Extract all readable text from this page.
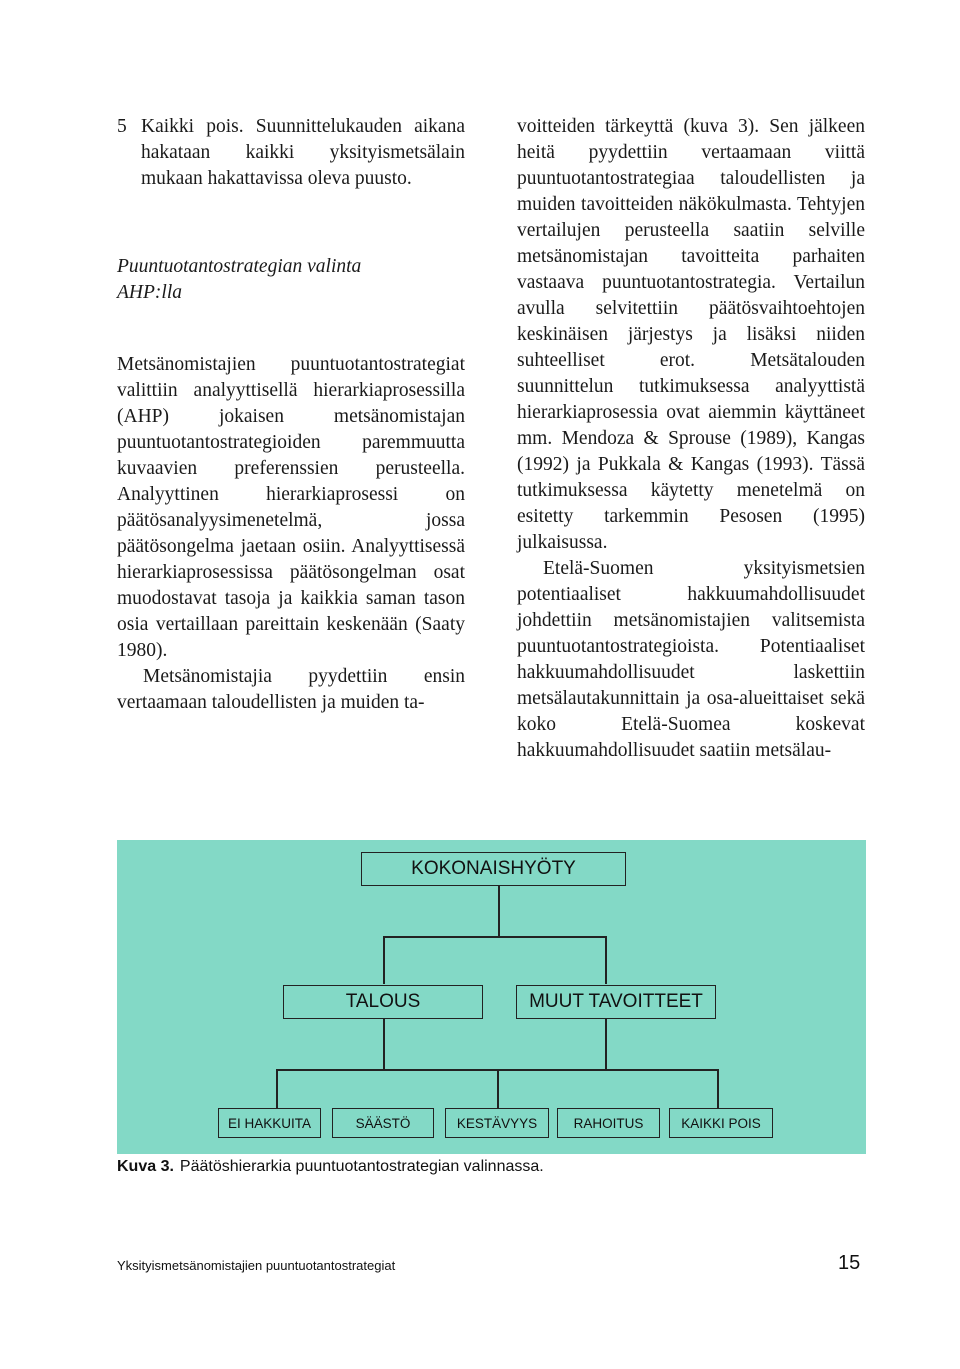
5 Kaikki pois. Suunnittelukauden aikana hakataan kaikki yksityismetsälain mukaan hakattavissa oleva puusto.

Puuntuotantostrategian valinta AHP:lla

Metsänomistajien puuntuotantostrategiat valittiin analyyttisellä hierarkiaprosessilla (AHP) jokaisen metsänomistajan puuntuotantostrategioiden paremmuutta kuvaavien preferenssien perusteella. Analyyttinen hierarkiaprosessi on päätösanalyysimenetelmä, jossa päätösongelma jaetaan osiin. Analyyttisessä hierarkiaprosessissa päätösongelman osat muodostavat tasoja ja kaikkia saman tason osia vertaillaan pareittain keskenään (Saaty 1980).

Metsänomistajia pyydettiin ensin vertaamaan taloudellisten ja muiden ta-

voitteiden tärkeyttä (kuva 3). Sen jälkeen heitä pyydettiin vertaamaan viittä puuntuotantostrategiaa taloudellisten ja muiden tavoitteiden näkökulmasta. Tehtyjen vertailujen perusteella saatiin selville metsänomistajan tavoitteita parhaiten vastaava puuntuotantostrategia. Vertailun avulla selvitettiin päätösvaihtoehtojen keskinäisen järjestys ja lisäksi niiden suhteelliset erot. Metsätalouden suunnittelun tutkimuksessa analyyttistä hierarkiaprosessia ovat aiemmin käyttäneet mm. Mendoza & Sprouse (1989), Kangas (1992) ja Pukkala & Kangas (1993). Tässä tutkimuksessa käytetty menetelmä on esitetty tarkemmin Pesosen (1995) julkaisussa.

Etelä-Suomen yksityismetsien potentiaaliset hakkuumahdollisuudet johdettiin metsänomistajien valitsemista puuntuotantostrategioista. Potentiaaliset hakkuumahdollisuudet laskettiin metsälautakunnittain ja osa-alueittaiset sekä koko Etelä-Suomea koskevat hakkuumahdollisuudet saatiin metsälau-

KOKONAISHYÖTY
TALOUS	MUUT TAVOITTEET
EI HAKKUITA	SÄÄSTÖ	KESTÄVYYS	RAHOITUS	KAIKKI POIS
Kuva 3. Päätöshierarkia puuntuotantostrategian valinnassa.
Yksityismetsänomistajien puuntuotantostrategiat	15
